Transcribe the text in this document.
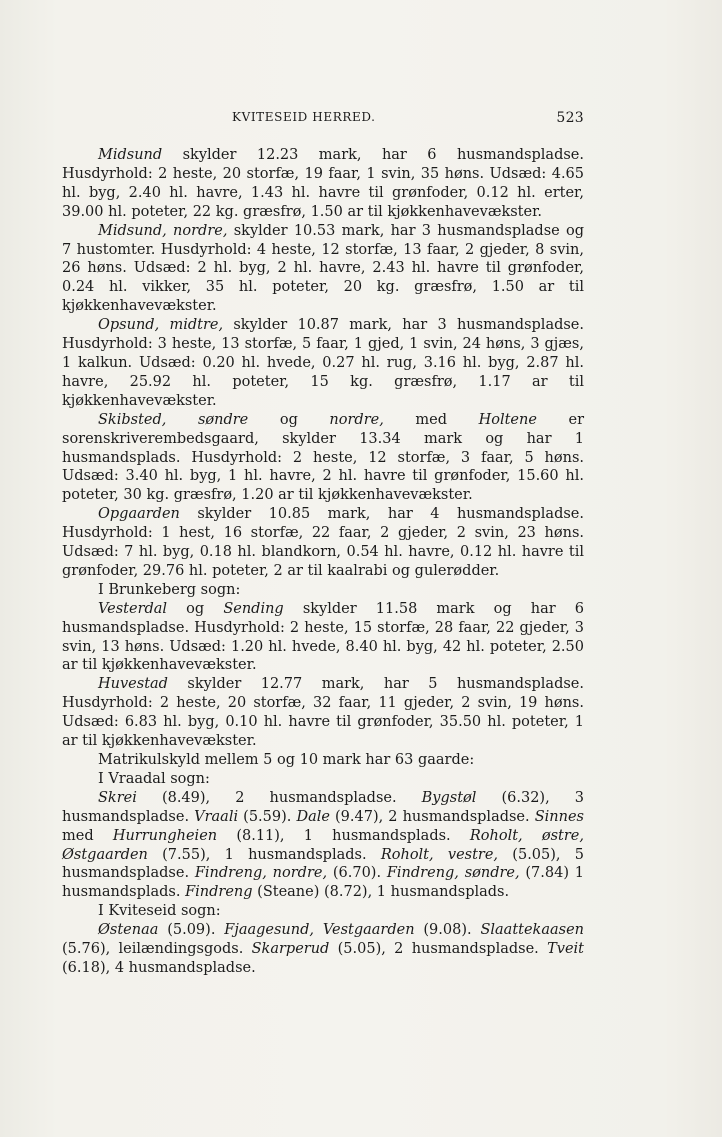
KVITESEID HERRED.	523

Midsund skylder 12.23 mark, har 6 husmandspladse. Husdyrhold: 2 heste, 20 storfæ, 19 faar, 1 svin, 35 høns. Udsæd: 4.65 hl. byg, 2.40 hl. havre, 1.43 hl. havre til grønfoder, 0.12 hl. erter, 39.00 hl. poteter, 22 kg. græsfrø, 1.50 ar til kjøkkenhavevækster.

Midsund, nordre, skylder 10.53 mark, har 3 husmandspladse og 7 hustomter. Husdyrhold: 4 heste, 12 storfæ, 13 faar, 2 gjeder, 8 svin, 26 høns. Udsæd: 2 hl. byg, 2 hl. havre, 2.43 hl. havre til grønfoder, 0.24 hl. vikker, 35 hl. poteter, 20 kg. græsfrø, 1.50 ar til kjøkkenhavevækster.

Opsund, midtre, skylder 10.87 mark, har 3 husmandspladse. Husdyrhold: 3 heste, 13 storfæ, 5 faar, 1 gjed, 1 svin, 24 høns, 3 gjæs, 1 kalkun. Udsæd: 0.20 hl. hvede, 0.27 hl. rug, 3.16 hl. byg, 2.87 hl. havre, 25.92 hl. poteter, 15 kg. græsfrø, 1.17 ar til kjøkkenhavevækster.

Skibsted, søndre og nordre, med Holtene er sorenskriverembedsgaard, skylder 13.34 mark og har 1 husmandsplads. Husdyrhold: 2 heste, 12 storfæ, 3 faar, 5 høns. Udsæd: 3.40 hl. byg, 1 hl. havre, 2 hl. havre til grønfoder, 15.60 hl. poteter, 30 kg. græsfrø, 1.20 ar til kjøkkenhavevækster.

Opgaarden skylder 10.85 mark, har 4 husmandspladse. Husdyrhold: 1 hest, 16 storfæ, 22 faar, 2 gjeder, 2 svin, 23 høns. Udsæd: 7 hl. byg, 0.18 hl. blandkorn, 0.54 hl. havre, 0.12 hl. havre til grønfoder, 29.76 hl. poteter, 2 ar til kaalrabi og gulerødder.

I Brunkeberg sogn:

Vesterdal og Sending skylder 11.58 mark og har 6 husmandspladse. Husdyrhold: 2 heste, 15 storfæ, 28 faar, 22 gjeder, 3 svin, 13 høns. Udsæd: 1.20 hl. hvede, 8.40 hl. byg, 42 hl. poteter, 2.50 ar til kjøkkenhavevækster.

Huvestad skylder 12.77 mark, har 5 husmandspladse. Husdyrhold: 2 heste, 20 storfæ, 32 faar, 11 gjeder, 2 svin, 19 høns. Udsæd: 6.83 hl. byg, 0.10 hl. havre til grønfoder, 35.50 hl. poteter, 1 ar til kjøkkenhavevækster.

Matrikulskyld mellem 5 og 10 mark har 63 gaarde:

I Vraadal sogn:

Skrei (8.49), 2 husmandspladse. Bygstøl (6.32), 3 husmandspladse. Vraali (5.59). Dale (9.47), 2 husmandspladse. Sinnes med Hurrungheien (8.11), 1 husmandsplads. Roholt, østre, Østgaarden (7.55), 1 husmandsplads. Roholt, vestre, (5.05), 5 husmandspladse. Findreng, nordre, (6.70). Findreng, søndre, (7.84) 1 husmandsplads. Findreng (Steane) (8.72), 1 husmandsplads.

I Kviteseid sogn:

Østenaa (5.09). Fjaagesund, Vestgaarden (9.08). Slaattekaasen (5.76), leilændingsgods. Skarperud (5.05), 2 husmandspladse. Tveit (6.18), 4 husmandspladse.
